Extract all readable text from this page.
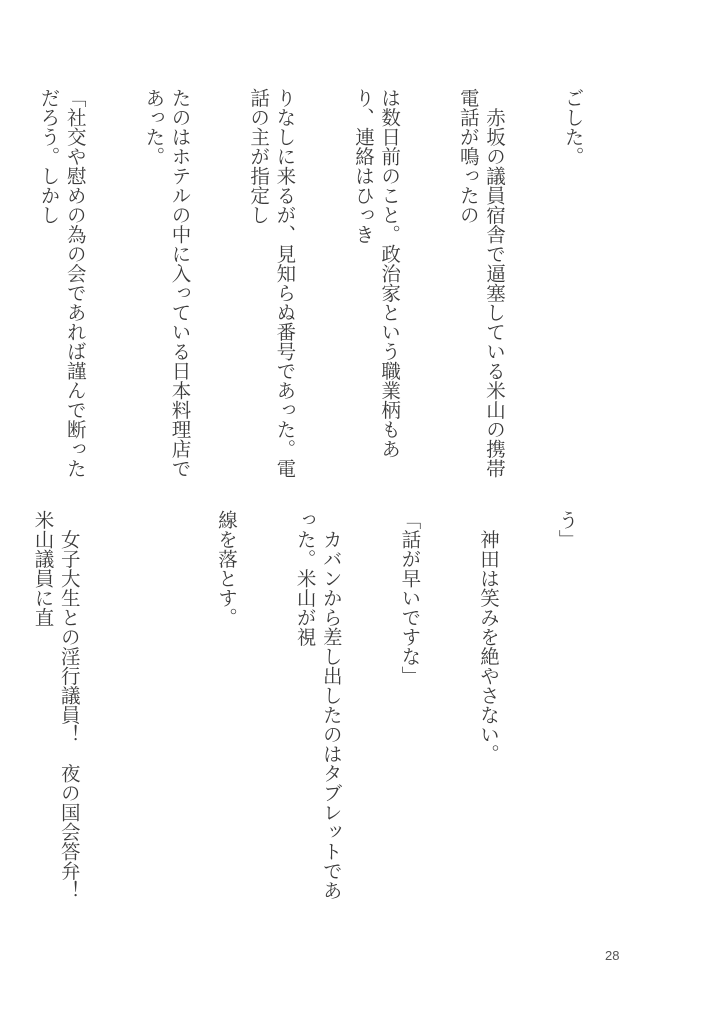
ごした。

　赤坂の議員宿舎で逼塞している米山の携帯電話が鳴ったの

は数日前のこと。政治家という職業柄もあり、連絡はひっき

りなしに来るが、見知らぬ番号であった。電話の主が指定し

たのはホテルの中に入っている日本料理店であった。

「社交や慰めの為の会であれば謹んで断っただろう。しかし

う」

　神田は笑みを絶やさない。

「話が早いですな」

　カバンから差し出したのはタブレットであった。米山が視

線を落とす。

　女子大生との淫行議員！　夜の国会答弁！　米山議員に直

28
